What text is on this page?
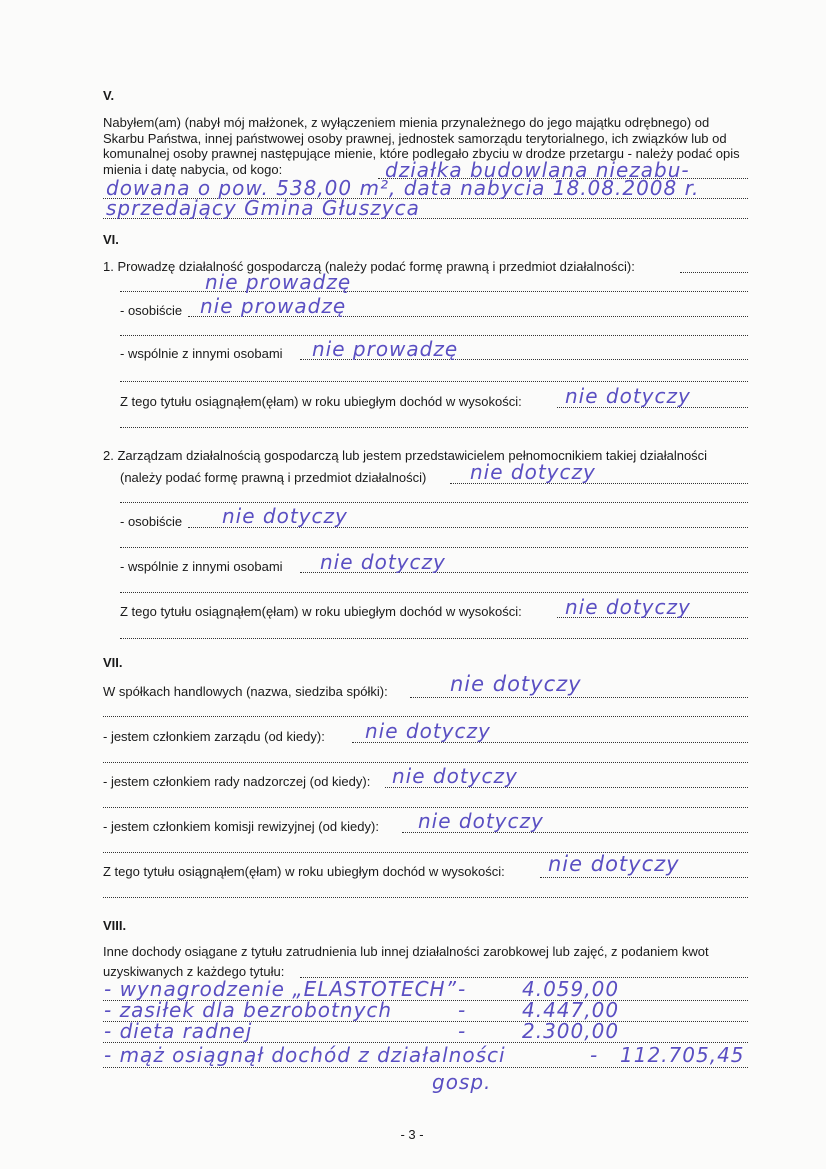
V.
Nabyłem(am) (nabył mój małżonek, z wyłączeniem mienia przynależnego do jego majątku odrębnego) od Skarbu Państwa, innej państwowej osoby prawnej, jednostek samorządu terytorialnego, ich związków lub od komunalnej osoby prawnej następujące mienie, które podlegało zbyciu w drodze przetargu - należy podać opis mienia i datę nabycia, od kogo:	działka budowlana niezabu-
dowana o pow. 538,00 m², data nabycia 18.08.2008 r.
sprzedający Gmina Głuszyca
VI.
1. Prowadzę działalność gospodarczą (należy podać formę prawną i przedmiot działalności):
nie prowadzę
- osobiście nie prowadzę
- wspólnie z innymi osobami nie prowadzę
Z tego tytułu osiągnąłem(ęłam) w roku ubiegłym dochód w wysokości: nie dotyczy
2. Zarządzam działalnością gospodarczą lub jestem przedstawicielem pełnomocnikiem takiej działalności
(należy podać formę prawną i przedmiot działalności) nie dotyczy
- osobiście nie dotyczy
- wspólnie z innymi osobami nie dotyczy
Z tego tytułu osiągnąłem(ęłam) w roku ubiegłym dochód w wysokości: nie dotyczy
VII.
W spółkach handlowych (nazwa, siedziba spółki):	nie dotyczy
- jestem członkiem zarządu (od kiedy): nie dotyczy
- jestem członkiem rady nadzorczej (od kiedy): nie dotyczy
- jestem członkiem komisji rewizyjnej (od kiedy): nie dotyczy
Z tego tytułu osiągnąłem(ęłam) w roku ubiegłym dochód w wysokości: nie dotyczy
VIII.
Inne dochody osiągane z tytułu zatrudnienia lub innej działalności zarobkowej lub zajęć, z podaniem kwot
uzyskiwanych z każdego tytułu:
- wynagrodzenie „ELASTOTECH” -	4.059,00
- zasiłek dla bezrobotnych	-	4.447,00
- dieta radnej	-	2.300,00
- mąż osiągnął dochód z działalności	- 112.705,45
gosp.
- 3 -
